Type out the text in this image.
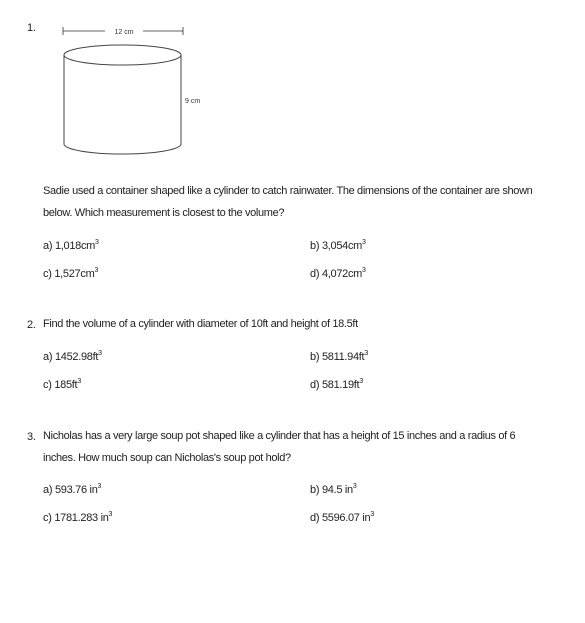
1.	12 cm
9 cm
Sadie used a container shaped like a cylinder to catch rainwater. The dimensions of the container are shown
below. Which measurement is closest to the volume?
a) $1,018cm^3$	b) $3,054cm^3$
c) $1,527cm^3$	d) $4,072cm^3$
2. Find the volume of a cylinder with diameter of 10ft and height of 18.5ft
a) $1452.98ft^3$	b) $5811.94ft^3$
c) $185ft^3$	d) $581.19ft^3$
3. Nicholas has a very large soup pot shaped like a cylinder that has a height of 15 inches and a radius of 6
inches. How much soup can Nicholas's soup pot hold?
a) 593.76 $in^3$	b) 94.5 $in^3$
c) 1781.283 $in^3$	d) 5596.07 $in^3$
